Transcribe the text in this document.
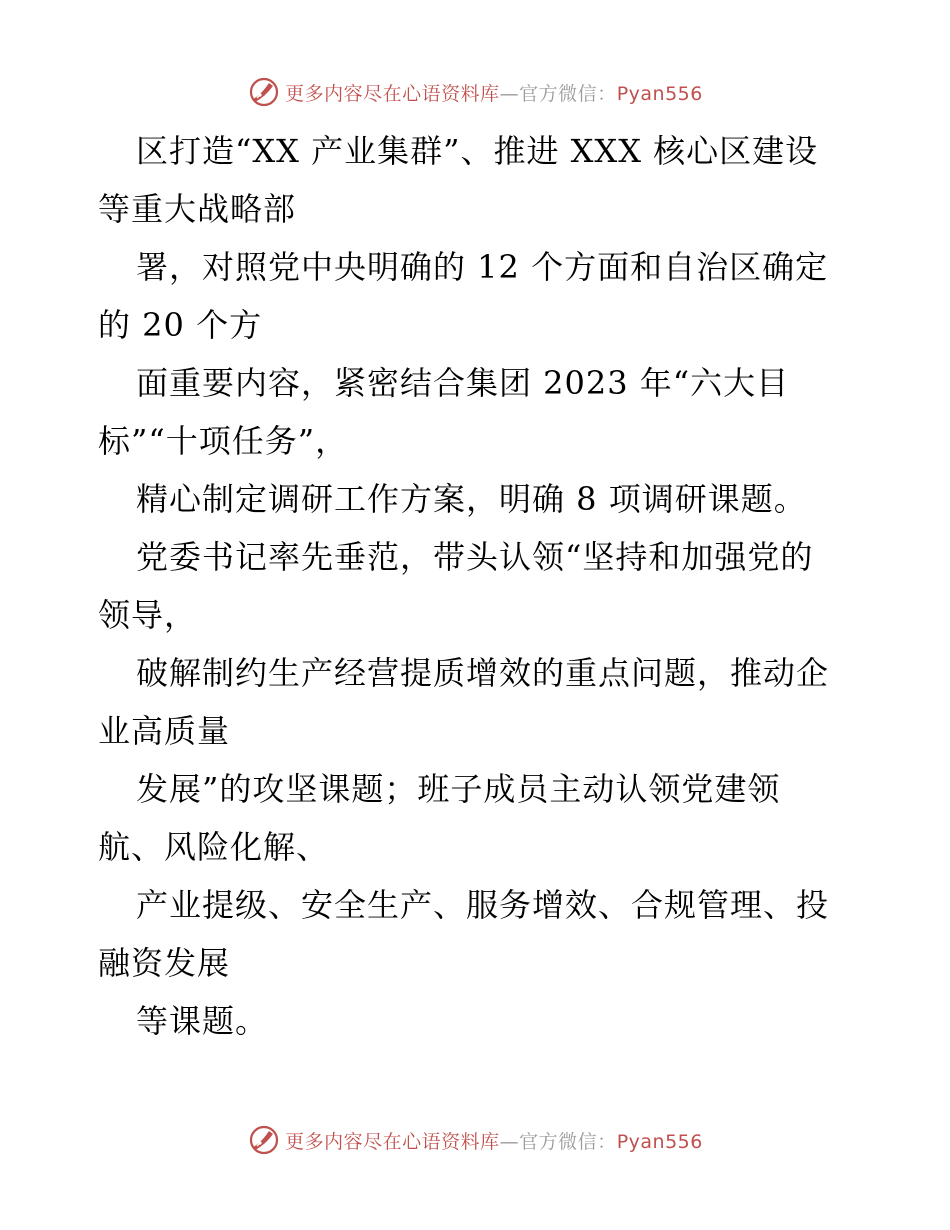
更多内容尽在心语资料库—官方微信：Pyan556
区打造“XX 产业集群”、推进 XXX 核心区建设
等重大战略部
署，对照党中央明确的 12 个方面和自治区确定
的 20 个方
面重要内容，紧密结合集团 2023 年“六大目
标”“十项任务”，
精心制定调研工作方案，明确 8 项调研课题。
党委书记率先垂范，带头认领“坚持和加强党的
领导，
破解制约生产经营提质增效的重点问题，推动企
业高质量
发展”的攻坚课题；班子成员主动认领党建领
航、风险化解、
产业提级、安全生产、服务增效、合规管理、投
融资发展
等课题。
更多内容尽在心语资料库—官方微信：Pyan556
